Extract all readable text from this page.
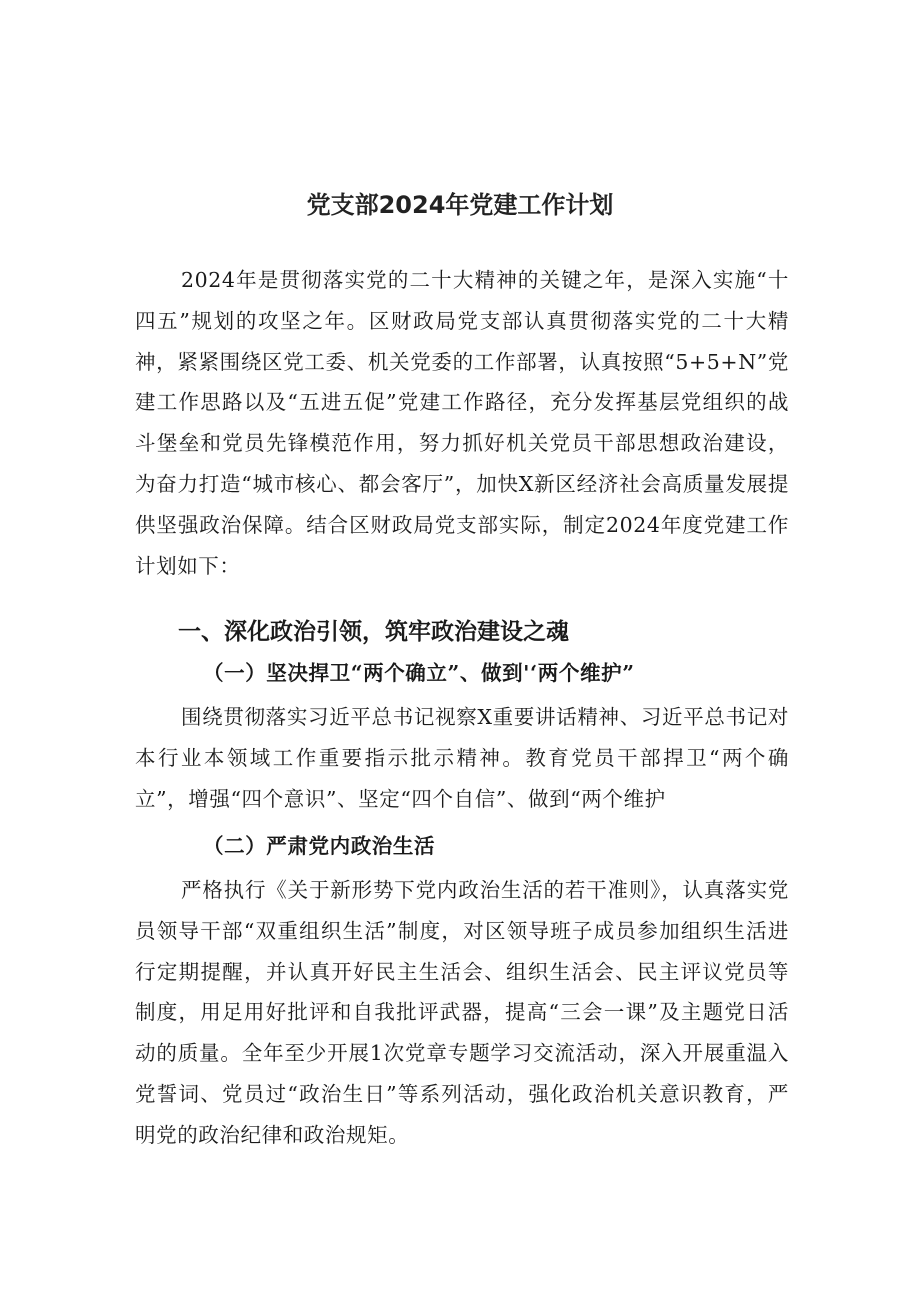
党支部2024年党建工作计划

2024年是贯彻落实党的二十大精神的关键之年，是深入实施“十四五”规划的攻坚之年。区财政局党支部认真贯彻落实党的二十大精神，紧紧围绕区党工委、机关党委的工作部署，认真按照“5+5+N”党建工作思路以及“五进五促”党建工作路径，充分发挥基层党组织的战斗堡垒和党员先锋模范作用，努力抓好机关党员干部思想政治建设，为奋力打造“城市核心、都会客厅”，加快X新区经济社会高质量发展提供坚强政治保障。结合区财政局党支部实际，制定2024年度党建工作计划如下：

一、深化政治引领，筑牢政治建设之魂
（一）坚决捍卫“两个确立”、做到'‘两个维护”

围绕贯彻落实习近平总书记视察X重要讲话精神、习近平总书记对本行业本领域工作重要指示批示精神。教育党员干部捍卫“两个确立”，增强“四个意识”、坚定“四个自信”、做到“两个维护

（二）严肃党内政治生活

严格执行《关于新形势下党内政治生活的若干准则》，认真落实党员领导干部“双重组织生活”制度，对区领导班子成员参加组织生活进行定期提醒，并认真开好民主生活会、组织生活会、民主评议党员等制度，用足用好批评和自我批评武器，提高“三会一课”及主题党日活动的质量。全年至少开展1次党章专题学习交流活动，深入开展重温入党誓词、党员过“政治生日”等系列活动，强化政治机关意识教育，严明党的政治纪律和政治规矩。
